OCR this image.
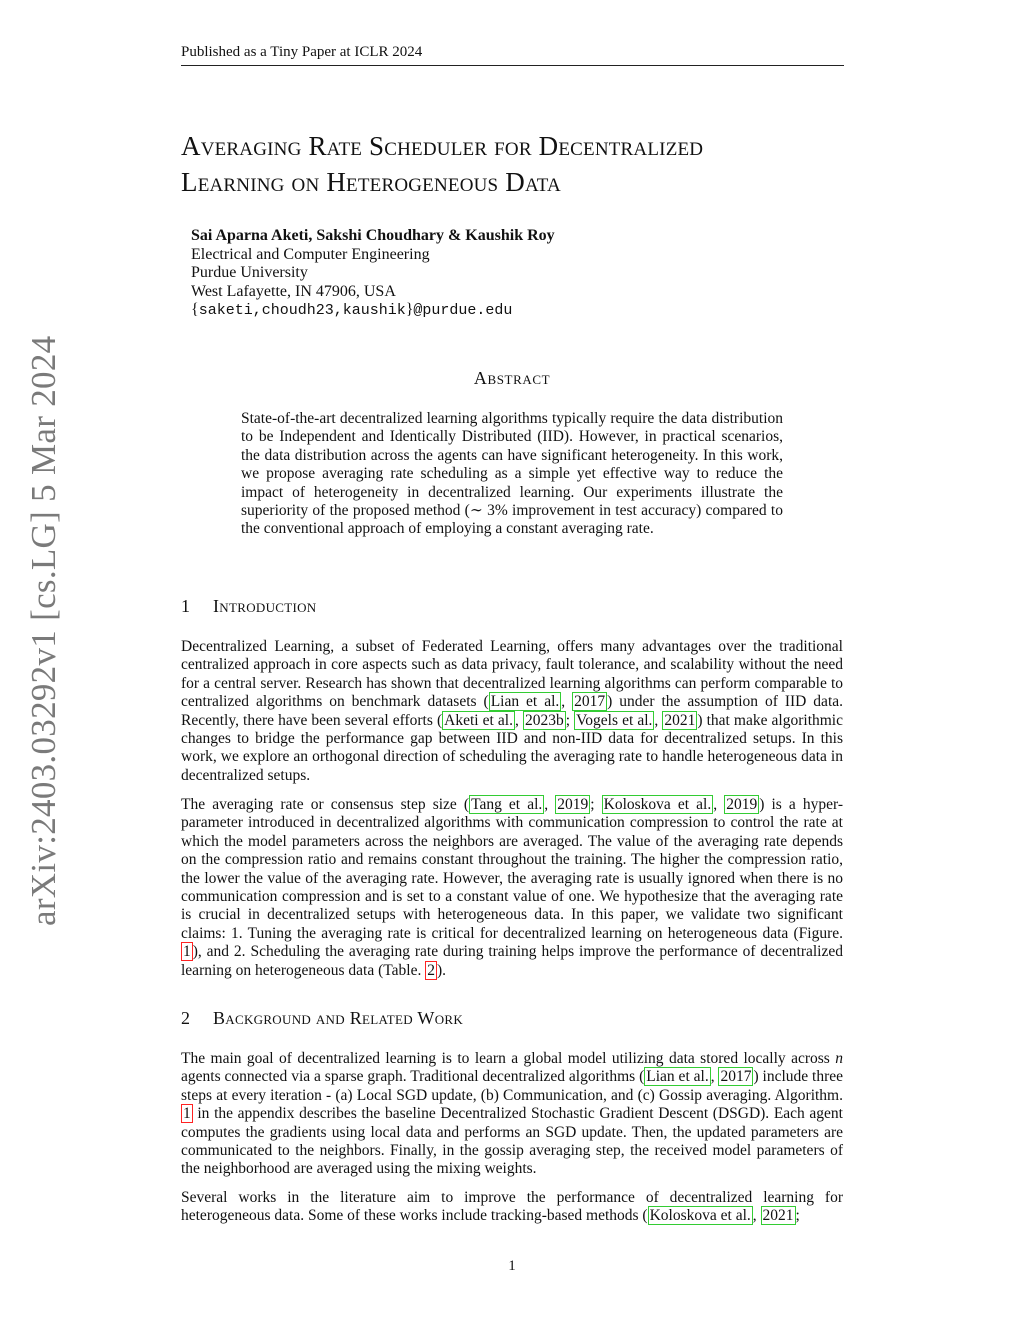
Published as a Tiny Paper at ICLR 2024
Averaging Rate Scheduler for Decentralized
Learning on Heterogeneous Data
Sai Aparna Aketi, Sakshi Choudhary & Kaushik Roy
Electrical and Computer Engineering
Purdue University
West Lafayette, IN 47906, USA
{saketi,choudh23,kaushik}@purdue.edu
arXiv:2403.03292v1 [cs.LG] 5 Mar 2024	Abstract
State-of-the-art decentralized learning algorithms typically require the data distribution to be Independent and Identically Distributed (IID). However, in practical scenarios, the data distribution across the agents can have significant heterogeneity. In this work, we propose averaging rate scheduling as a simple yet effective way to reduce the impact of heterogeneity in decentralized learning. Our experiments illustrate the superiority of the proposed method (∼ 3% improvement in test accuracy) compared to the conventional approach of employing a constant averaging rate.
1 Introduction

Decentralized Learning, a subset of Federated Learning, offers many advantages over the traditional centralized approach in core aspects such as data privacy, fault tolerance, and scalability without the need for a central server. Research has shown that decentralized learning algorithms can perform comparable to centralized algorithms on benchmark datasets ( Lian et al. , 2017 ) under the assumption of IID data. Recently, there have been several efforts ( Aketi et al. , 2023b ; Vogels et al. , 2021 ) that make algorithmic changes to bridge the performance gap between IID and non-IID data for decentralized setups. In this work, we explore an orthogonal direction of scheduling the averaging rate to handle heterogeneous data in decentralized setups.

The averaging rate or consensus step size ( Tang et al. , 2019 ; Koloskova et al. , 2019 ) is a hyper-parameter introduced in decentralized algorithms with communication compression to control the rate at which the model parameters across the neighbors are averaged. The value of the averaging rate depends on the compression ratio and remains constant throughout the training. The higher the compression ratio, the lower the value of the averaging rate. However, the averaging rate is usually ignored when there is no communication compression and is set to a constant value of one. We hypothesize that the averaging rate is crucial in decentralized setups with heterogeneous data. In this paper, we validate two significant claims: 1. Tuning the averaging rate is critical for decentralized learning on heterogeneous data (Figure. 1 ), and 2. Scheduling the averaging rate during training helps improve the performance of decentralized learning on heterogeneous data (Table. 2 ).

2 Background and Related Work

The main goal of decentralized learning is to learn a global model utilizing data stored locally across n agents connected via a sparse graph. Traditional decentralized algorithms ( Lian et al. , 2017 ) include three steps at every iteration - (a) Local SGD update, (b) Communication, and (c) Gossip averaging. Algorithm. 1 in the appendix describes the baseline Decentralized Stochastic Gradient Descent (DSGD). Each agent computes the gradients using local data and performs an SGD update. Then, the updated parameters are communicated to the neighbors. Finally, in the gossip averaging step, the received model parameters of the neighborhood are averaged using the mixing weights.

Several works in the literature aim to improve the performance of decentralized learning for heterogeneous data. Some of these works include tracking-based methods ( Koloskova et al. , 2021 ;

1
